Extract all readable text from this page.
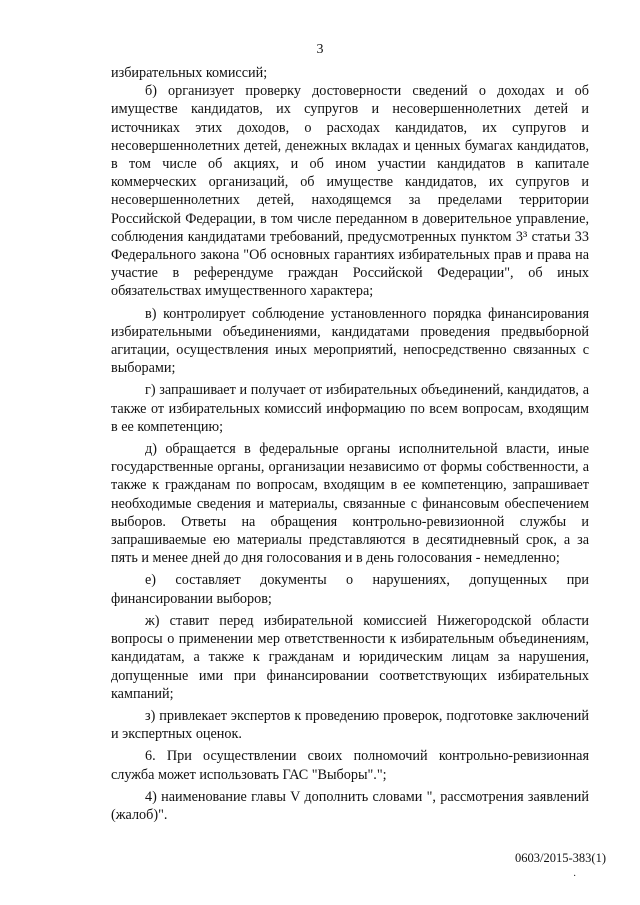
3

избирательных комиссий;

б) организует проверку достоверности сведений о доходах и об имуществе кандидатов, их супругов и несовершеннолетних детей и источниках этих доходов, о расходах кандидатов, их супругов и несовершеннолетних детей, денежных вкладах и ценных бумагах кандидатов, в том числе об акциях, и об ином участии кандидатов в капитале коммерческих организаций, об имуществе кандидатов, их супругов и несовершеннолетних детей, находящемся за пределами территории Российской Федерации, в том числе переданном в доверительное управление, соблюдения кандидатами требований, предусмотренных пунктом 3³ статьи 33 Федерального закона "Об основных гарантиях избирательных прав и права на участие в референдуме граждан Российской Федерации", об иных обязательствах имущественного характера;

в) контролирует соблюдение установленного порядка финансирования избирательными объединениями, кандидатами проведения предвыборной агитации, осуществления иных мероприятий, непосредственно связанных с выборами;

г) запрашивает и получает от избирательных объединений, кандидатов, а также от избирательных комиссий информацию по всем вопросам, входящим в ее компетенцию;

д) обращается в федеральные органы исполнительной власти, иные государственные органы, организации независимо от формы собственности, а также к гражданам по вопросам, входящим в ее компетенцию, запрашивает необходимые сведения и материалы, связанные с финансовым обеспечением выборов. Ответы на обращения контрольно-ревизионной службы и запрашиваемые ею материалы представляются в десятидневный срок, а за пять и менее дней до дня голосования и в день голосования - немедленно;

е) составляет документы о нарушениях, допущенных при финансировании выборов;

ж) ставит перед избирательной комиссией Нижегородской области вопросы о применении мер ответственности к избирательным объединениям, кандидатам, а также к гражданам и юридическим лицам за нарушения, допущенные ими при финансировании соответствующих избирательных кампаний;

з) привлекает экспертов к проведению проверок, подготовке заключений и экспертных оценок.

6. При осуществлении своих полномочий контрольно-ревизионная служба может использовать ГАС "Выборы".";

4) наименование главы V дополнить словами ", рассмотрения заявлений (жалоб)".

0603/2015-383(1)
·
